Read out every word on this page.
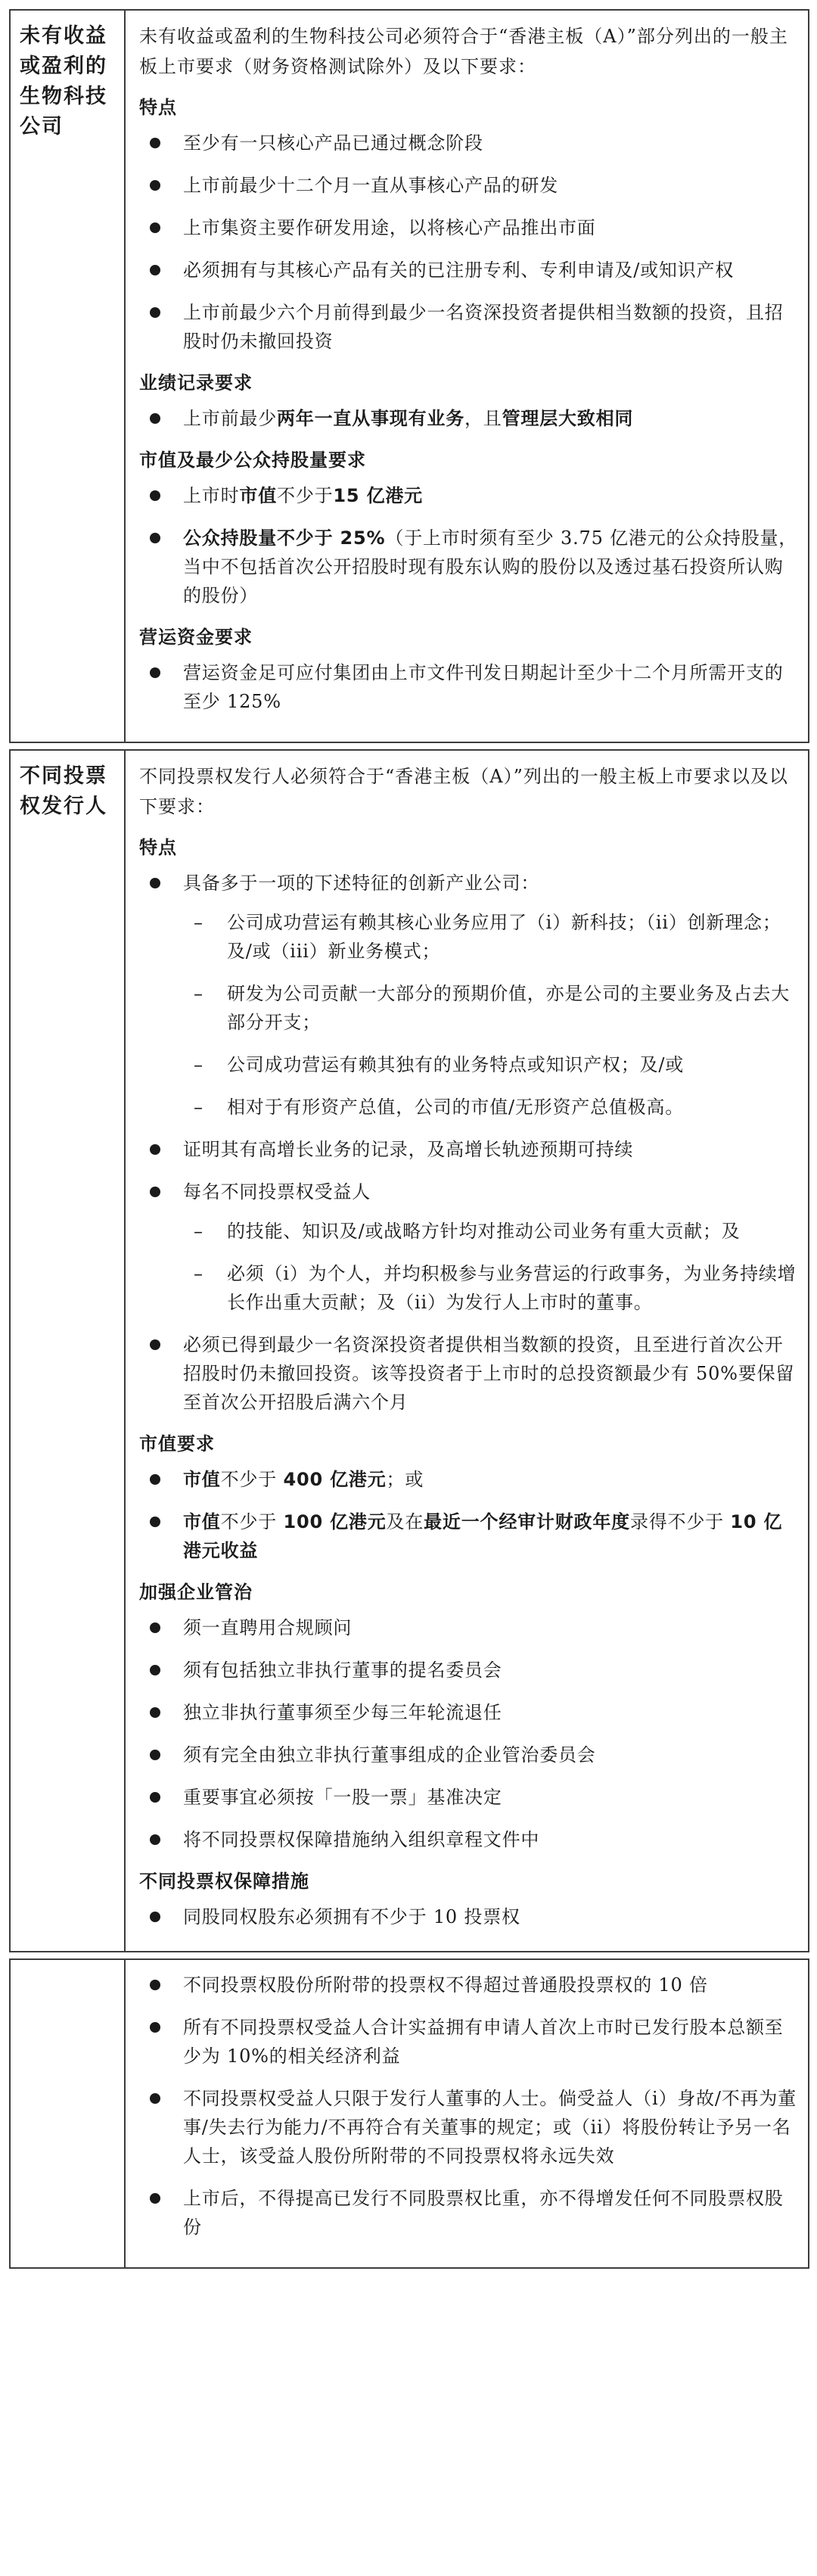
未有收益或盈利的生物科技公司

未有收益或盈利的生物科技公司必须符合于“香港主板（A）”部分列出的一般主板上市要求（财务资格测试除外）及以下要求：

特点
至少有一只核心产品已通过概念阶段
上市前最少十二个月一直从事核心产品的研发
上市集资主要作研发用途，以将核心产品推出市面
必须拥有与其核心产品有关的已注册专利、专利申请及/或知识产权
上市前最少六个月前得到最少一名资深投资者提供相当数额的投资，且招股时仍未撤回投资
业绩记录要求
上市前最少两年一直从事现有业务，且管理层大致相同
市值及最少公众持股量要求
上市时市值不少于15 亿港元
公众持股量不少于 25%（于上市时须有至少 3.75 亿港元的公众持股量，当中不包括首次公开招股时现有股东认购的股份以及透过基石投资所认购的股份）
营运资金要求
营运资金足可应付集团由上市文件刊发日期起计至少十二个月所需开支的至少 125%
不同投票权发行人

不同投票权发行人必须符合于“香港主板（A）”列出的一般主板上市要求以及以下要求：

特点
具备多于一项的下述特征的创新产业公司：
– 公司成功营运有赖其核心业务应用了（i）新科技；（ii）创新理念；及/或（iii）新业务模式；
– 研发为公司贡献一大部分的预期价值，亦是公司的主要业务及占去大部分开支；
– 公司成功营运有赖其独有的业务特点或知识产权；及/或
– 相对于有形资产总值，公司的市值/无形资产总值极高。
证明其有高增长业务的记录，及高增长轨迹预期可持续
每名不同投票权受益人
– 的技能、知识及/或战略方针均对推动公司业务有重大贡献；及
– 必须（i）为个人，并均积极参与业务营运的行政事务，为业务持续增长作出重大贡献；及（ii）为发行人上市时的董事。
必须已得到最少一名资深投资者提供相当数额的投资，且至进行首次公开招股时仍未撤回投资。该等投资者于上市时的总投资额最少有 50%要保留至首次公开招股后满六个月
市值要求
市值不少于 400 亿港元；或
市值不少于 100 亿港元及在最近一个经审计财政年度录得不少于 10 亿港元收益
加强企业管治
须一直聘用合规顾问
须有包括独立非执行董事的提名委员会
独立非执行董事须至少每三年轮流退任
须有完全由独立非执行董事组成的企业管治委员会
重要事宜必须按「一股一票」基准决定
将不同投票权保障措施纳入组织章程文件中
不同投票权保障措施
同股同权股东必须拥有不少于 10 投票权
不同投票权股份所附带的投票权不得超过普通股投票权的 10 倍
所有不同投票权受益人合计实益拥有申请人首次上市时已发行股本总额至少为 10%的相关经济利益
不同投票权受益人只限于发行人董事的人士。倘受益人（i）身故/不再为董事/失去行为能力/不再符合有关董事的规定；或（ii）将股份转让予另一名人士，该受益人股份所附带的不同投票权将永远失效
上市后，不得提高已发行不同股票权比重，亦不得增发任何不同股票权股份
